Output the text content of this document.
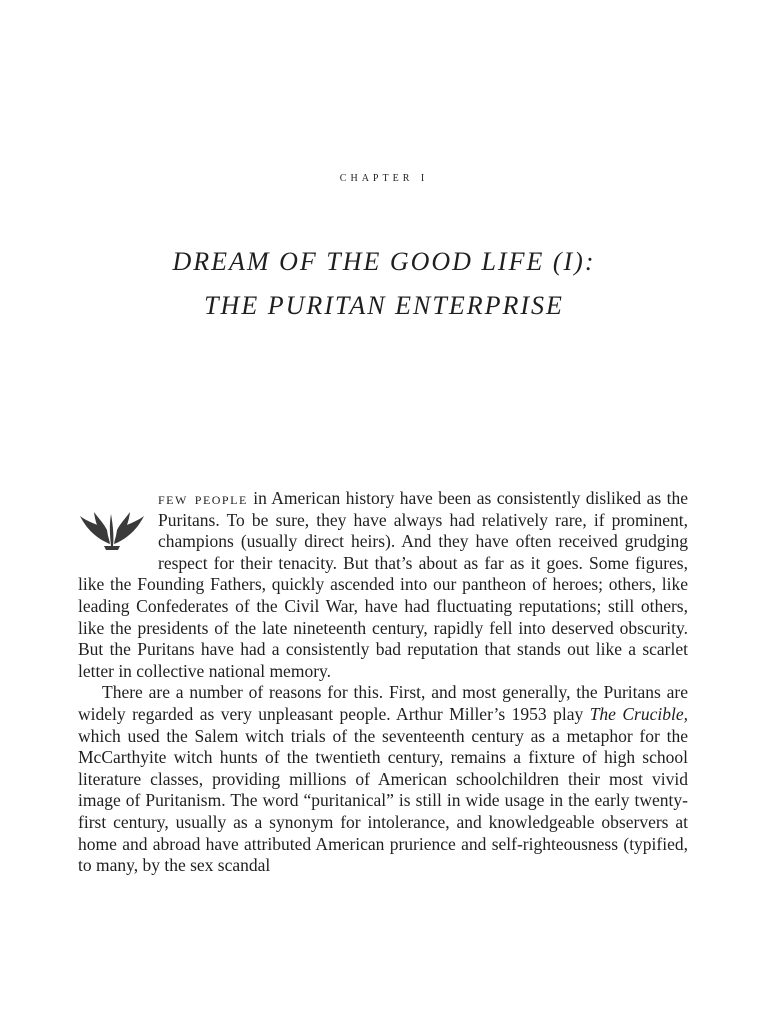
chapter i
DREAM OF THE GOOD LIFE (I):
THE PURITAN ENTERPRISE

few people in American history have been as consistently disliked as the Puritans. To be sure, they have always had relatively rare, if prominent, champions (usually direct heirs). And they have often received grudging respect for their tenacity. But that’s about as far as it goes. Some figures, like the Founding Fathers, quickly ascended into our pantheon of heroes; others, like leading Confederates of the Civil War, have had fluctuating reputations; still others, like the presidents of the late nineteenth century, rapidly fell into deserved obscurity. But the Puritans have had a consistently bad reputation that stands out like a scarlet letter in collective national memory.

There are a number of reasons for this. First, and most generally, the Puritans are widely regarded as very unpleasant people. Arthur Miller’s 1953 play The Crucible, which used the Salem witch trials of the seventeenth century as a metaphor for the McCarthyite witch hunts of the twentieth century, remains a fixture of high school literature classes, providing millions of American schoolchildren their most vivid image of Puritanism. The word “puritanical” is still in wide usage in the early twenty-first century, usually as a synonym for intolerance, and knowledgeable observers at home and abroad have attributed American prurience and self-righteousness (typified, to many, by the sex scandal
